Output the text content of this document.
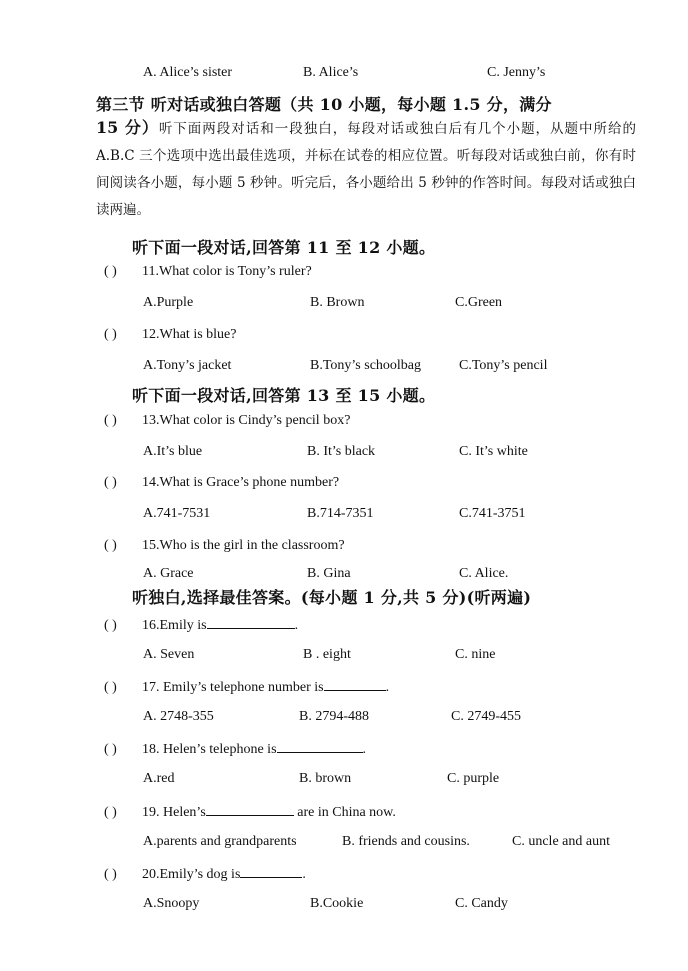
A. Alice’s sister	B. Alice’s	C. Jenny’s
第三节 听对话或独白答题（共 10 小题，每小题 1.5 分，满分
15 分）听下面两段对话和一段独白，每段对话或独白后有几个小题，从题中所给的 A.B.C 三个选项中选出最佳选项，并标在试卷的相应位置。听每段对话或独白前，你有时间阅读各小题，每小题 5 秒钟。听完后，各小题给出 5 秒钟的作答时间。每段对话或独白读两遍。
听下面一段对话,回答第 11 至 12 小题。
听下面一段对话,回答第 13 至 15 小题。
听独白,选择最佳答案。(每小题 1 分,共 5 分)(听两遍)
( ) 11.What color is Tony’s ruler?
A.Purple	B. Brown	C.Green
( ) 12.What is blue?
A.Tony’s jacket	B.Tony’s schoolbag	C.Tony’s pencil
( ) 13.What color is Cindy’s pencil box?
A.It’s blue	B. It’s black	C. It’s white
( ) 14.What is Grace’s phone number?
A.741-7531	B.714-7351	C.741-3751
( ) 15.Who is the girl in the classroom?
A. Grace	B. Gina	C. Alice.
( ) 16.Emily is	.
A. Seven	B . eight	C. nine
( ) 17. Emily’s telephone number is	.
A. 2748-355	B. 2794-488	C. 2749-455
( ) 18. Helen’s telephone is	.
A.red	B. brown	C. purple
( ) 19. Helen’s	are in China now.
A.parents and grandparents	B. friends and cousins.	C. uncle and aunt
( ) 20.Emily’s dog is	.
A.Snoopy	B.Cookie	C. Candy
